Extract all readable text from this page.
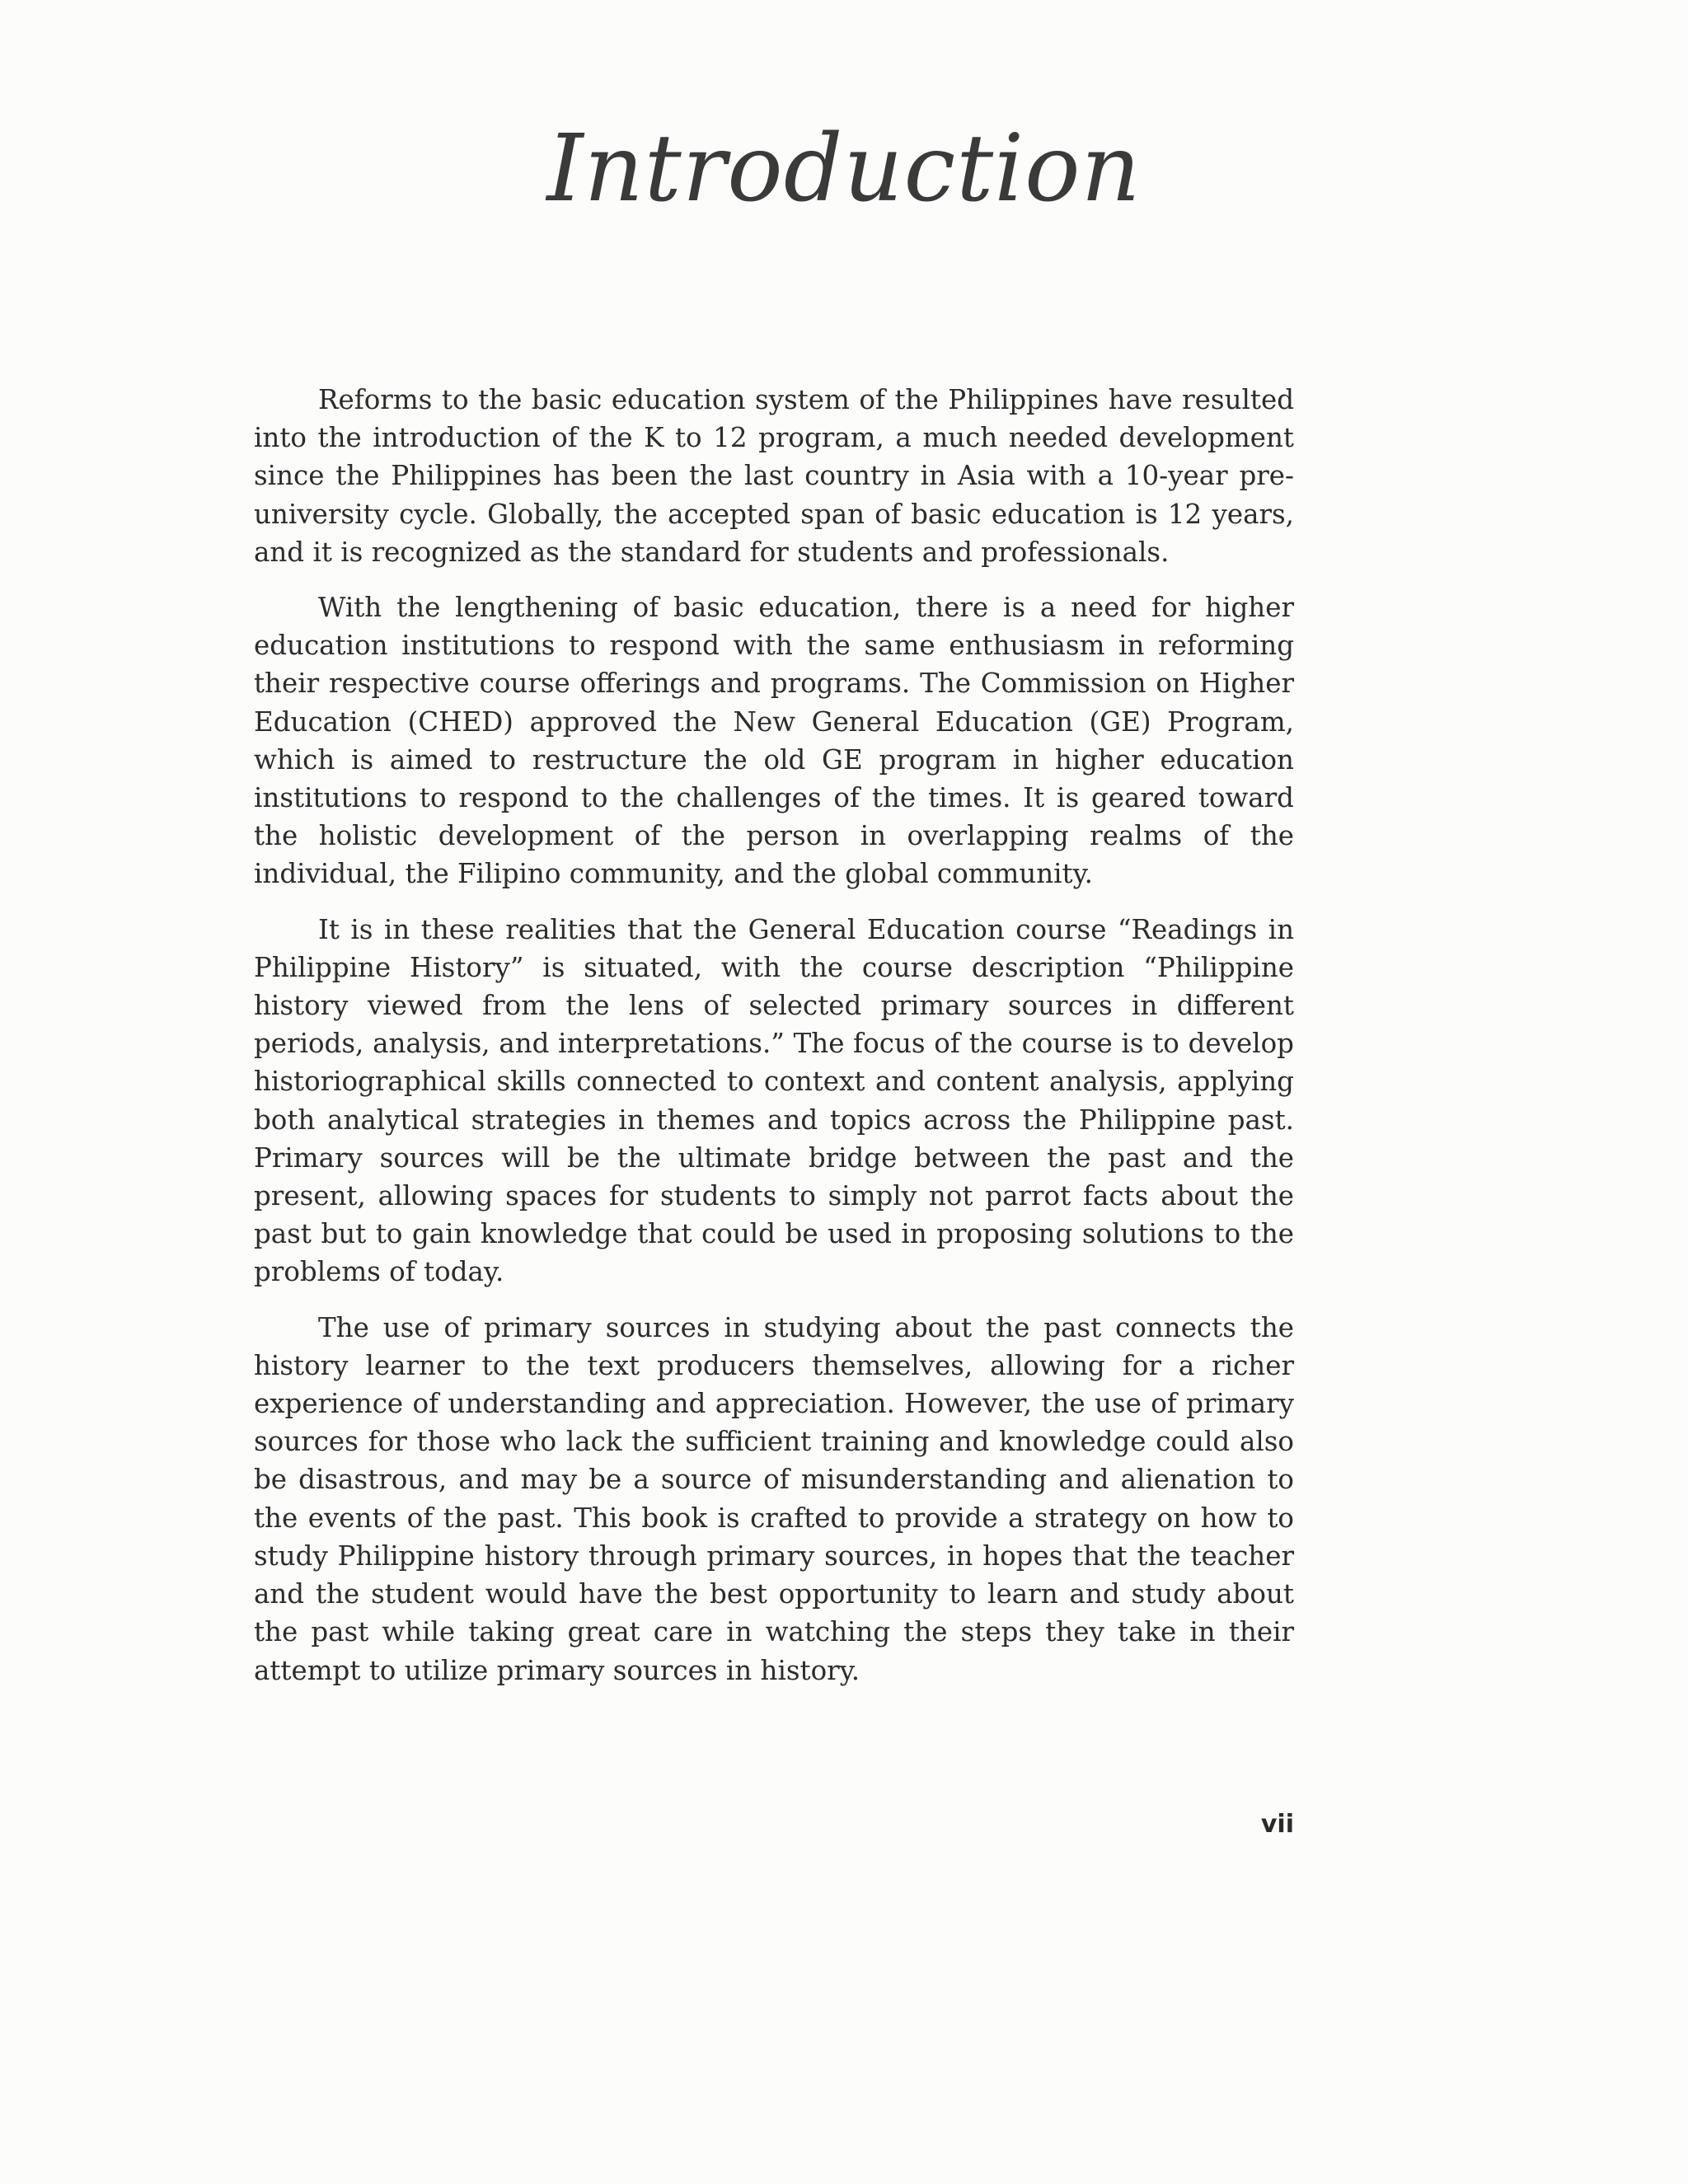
Introduction

Reforms to the basic education system of the Philippines have resulted into the introduction of the K to 12 program, a much needed development since the Philippines has been the last country in Asia with a 10-year pre-university cycle. Globally, the accepted span of basic education is 12 years, and it is recognized as the standard for students and professionals.

With the lengthening of basic education, there is a need for higher education institutions to respond with the same enthusiasm in reforming their respective course offerings and programs. The Commission on Higher Education (CHED) approved the New General Education (GE) Program, which is aimed to restructure the old GE program in higher education institutions to respond to the challenges of the times. It is geared toward the holistic development of the person in overlapping realms of the individual, the Filipino community, and the global community.

It is in these realities that the General Education course “Readings in Philippine History” is situated, with the course description “Philippine history viewed from the lens of selected primary sources in different periods, analysis, and interpretations.” The focus of the course is to develop historiographical skills connected to context and content analysis, applying both analytical strategies in themes and topics across the Philippine past. Primary sources will be the ultimate bridge between the past and the present, allowing spaces for students to simply not parrot facts about the past but to gain knowledge that could be used in proposing solutions to the problems of today.

The use of primary sources in studying about the past connects the history learner to the text producers themselves, allowing for a richer experience of understanding and appreciation. However, the use of primary sources for those who lack the sufficient training and knowledge could also be disastrous, and may be a source of misunderstanding and alienation to the events of the past. This book is crafted to provide a strategy on how to study Philippine history through primary sources, in hopes that the teacher and the student would have the best opportunity to learn and study about the past while taking great care in watching the steps they take in their attempt to utilize primary sources in history.

vii
